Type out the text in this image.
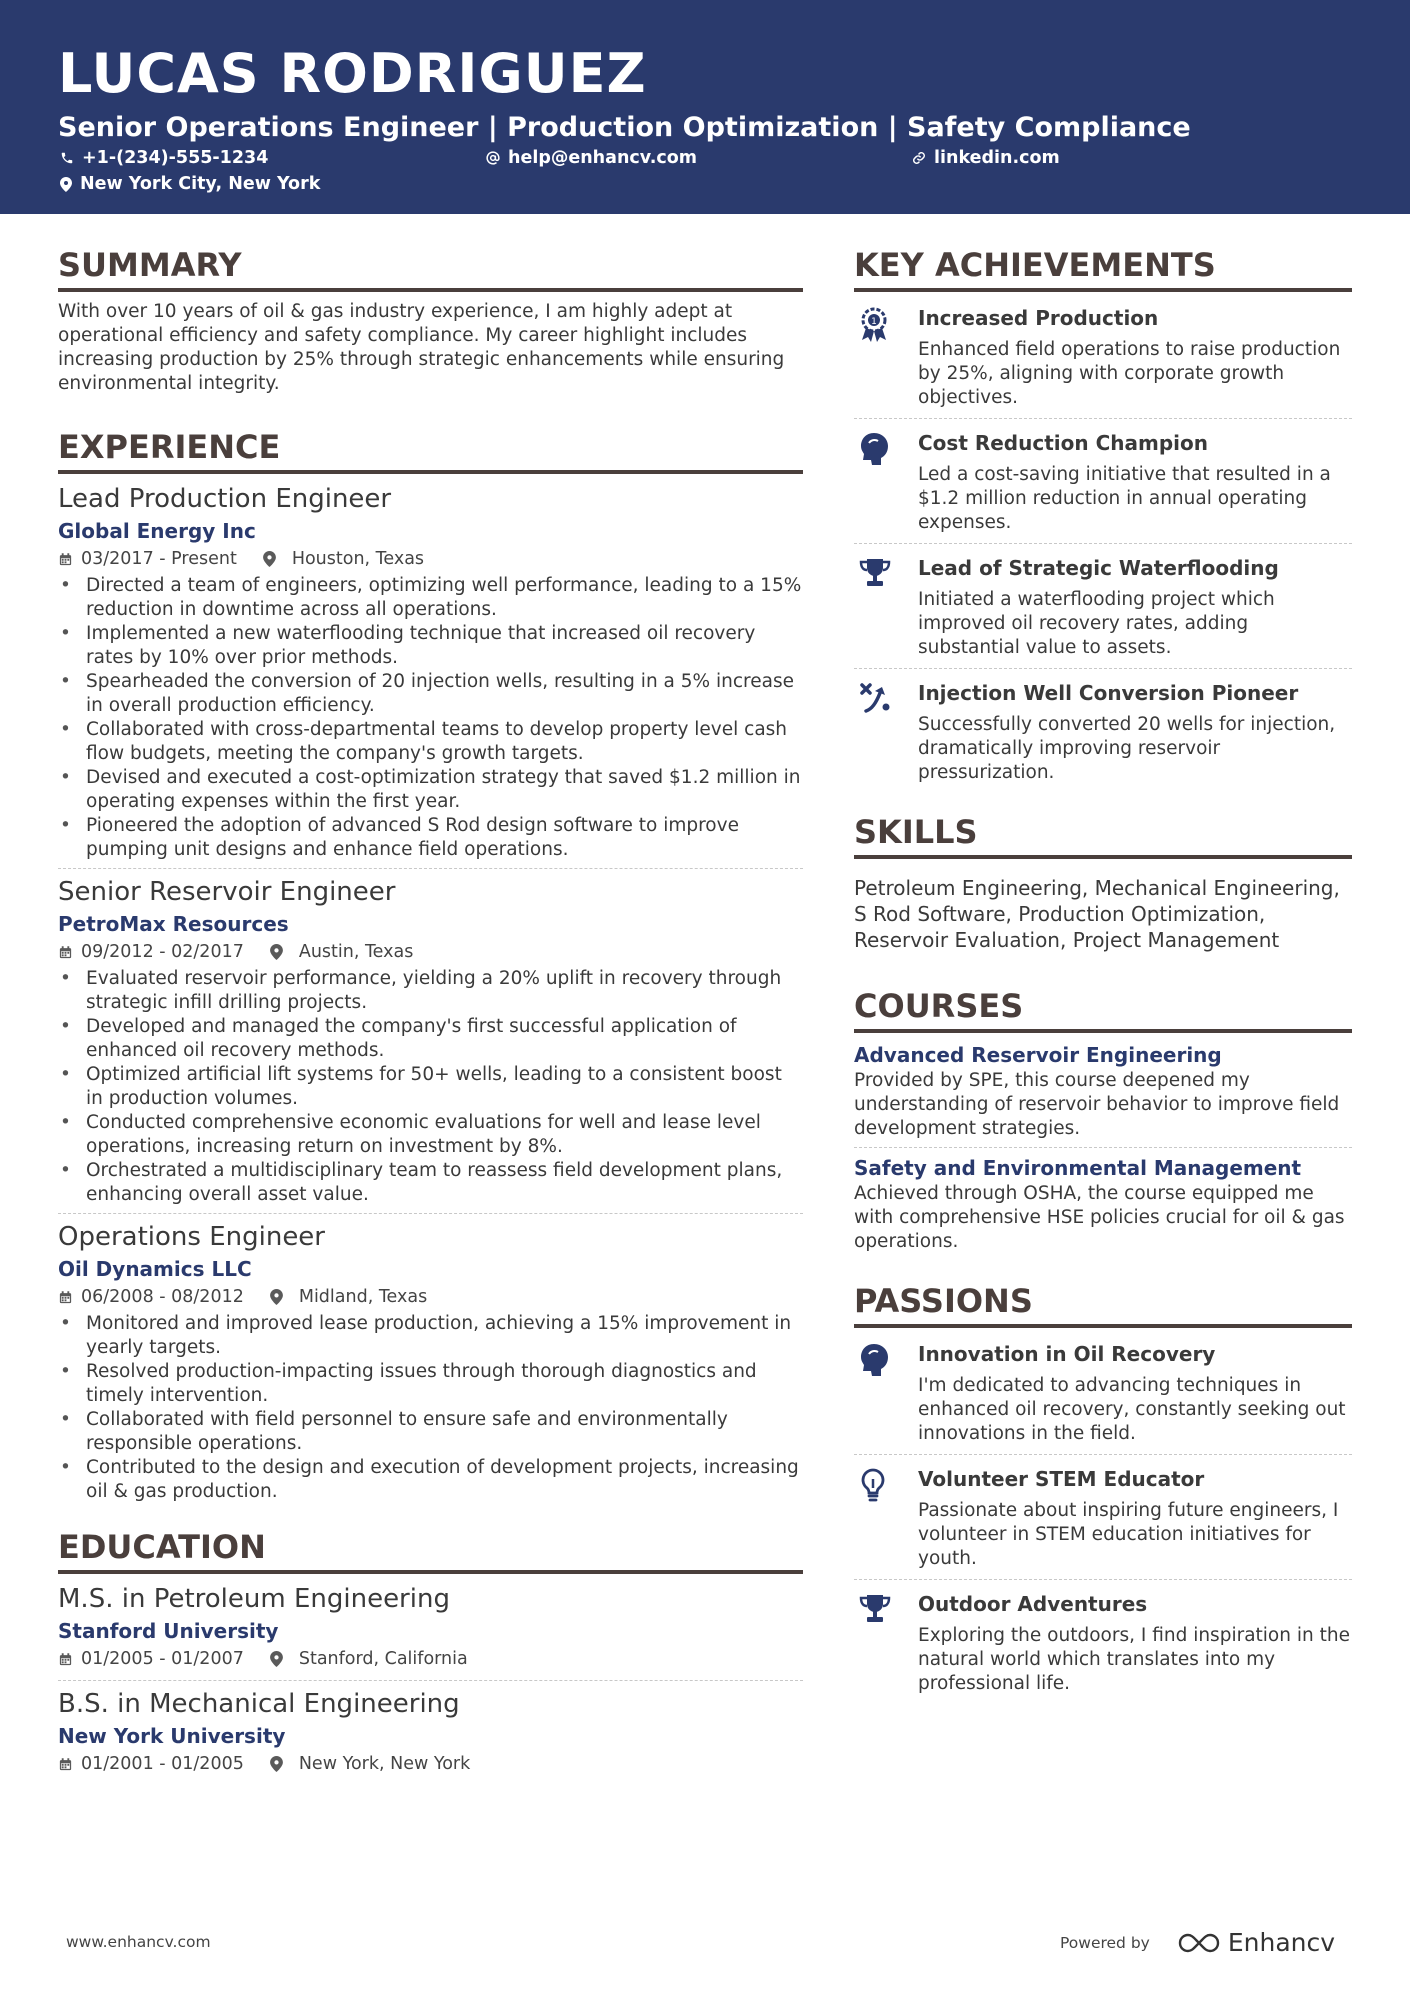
LUCAS RODRIGUEZ
Senior Operations Engineer | Production Optimization | Safety Compliance
+1-(234)-555-1234	help@enhancv.com	linkedin.com
New York City, New York
SUMMARY
With over 10 years of oil & gas industry experience, I am highly adept at operational efficiency and safety compliance. My career highlight includes increasing production by 25% through strategic enhancements while ensuring environmental integrity.
EXPERIENCE
Lead Production Engineer
Global Energy Inc
03/2017 - Present	Houston, Texas
• Directed a team of engineers, optimizing well performance, leading to a 15% reduction in downtime across all operations.
• Implemented a new waterflooding technique that increased oil recovery rates by 10% over prior methods.
• Spearheaded the conversion of 20 injection wells, resulting in a 5% increase in overall production efficiency.
• Collaborated with cross-departmental teams to develop property level cash flow budgets, meeting the company's growth targets.
• Devised and executed a cost-optimization strategy that saved $1.2 million in operating expenses within the first year.
• Pioneered the adoption of advanced S Rod design software to improve pumping unit designs and enhance field operations.
Senior Reservoir Engineer
PetroMax Resources
09/2012 - 02/2017	Austin, Texas
• Evaluated reservoir performance, yielding a 20% uplift in recovery through strategic infill drilling projects.
• Developed and managed the company's first successful application of enhanced oil recovery methods.
• Optimized artificial lift systems for 50+ wells, leading to a consistent boost in production volumes.
• Conducted comprehensive economic evaluations for well and lease level operations, increasing return on investment by 8%.
• Orchestrated a multidisciplinary team to reassess field development plans, enhancing overall asset value.
Operations Engineer
Oil Dynamics LLC
06/2008 - 08/2012	Midland, Texas
• Monitored and improved lease production, achieving a 15% improvement in yearly targets.
• Resolved production-impacting issues through thorough diagnostics and timely intervention.
• Collaborated with field personnel to ensure safe and environmentally responsible operations.
• Contributed to the design and execution of development projects, increasing oil & gas production.
EDUCATION
M.S. in Petroleum Engineering
Stanford University
01/2005 - 01/2007	Stanford, California
B.S. in Mechanical Engineering
New York University
01/2001 - 01/2005	New York, New York
KEY ACHIEVEMENTS
1 Increased Production
Enhanced field operations to raise production by 25%, aligning with corporate growth objectives.
Cost Reduction Champion
Led a cost-saving initiative that resulted in a $1.2 million reduction in annual operating expenses.
Lead of Strategic Waterflooding
Initiated a waterflooding project which improved oil recovery rates, adding substantial value to assets.
Injection Well Conversion Pioneer
Successfully converted 20 wells for injection, dramatically improving reservoir pressurization.
SKILLS
Petroleum Engineering, Mechanical Engineering, S Rod Software, Production Optimization, Reservoir Evaluation, Project Management
COURSES
Advanced Reservoir Engineering
Provided by SPE, this course deepened my understanding of reservoir behavior to improve field development strategies.
Safety and Environmental Management
Achieved through OSHA, the course equipped me with comprehensive HSE policies crucial for oil & gas operations.
PASSIONS
Innovation in Oil Recovery
I'm dedicated to advancing techniques in enhanced oil recovery, constantly seeking out innovations in the field.
Volunteer STEM Educator
Passionate about inspiring future engineers, I volunteer in STEM education initiatives for youth.
Outdoor Adventures
Exploring the outdoors, I find inspiration in the natural world which translates into my professional life.
www.enhancv.com	Powered by	Enhancv
